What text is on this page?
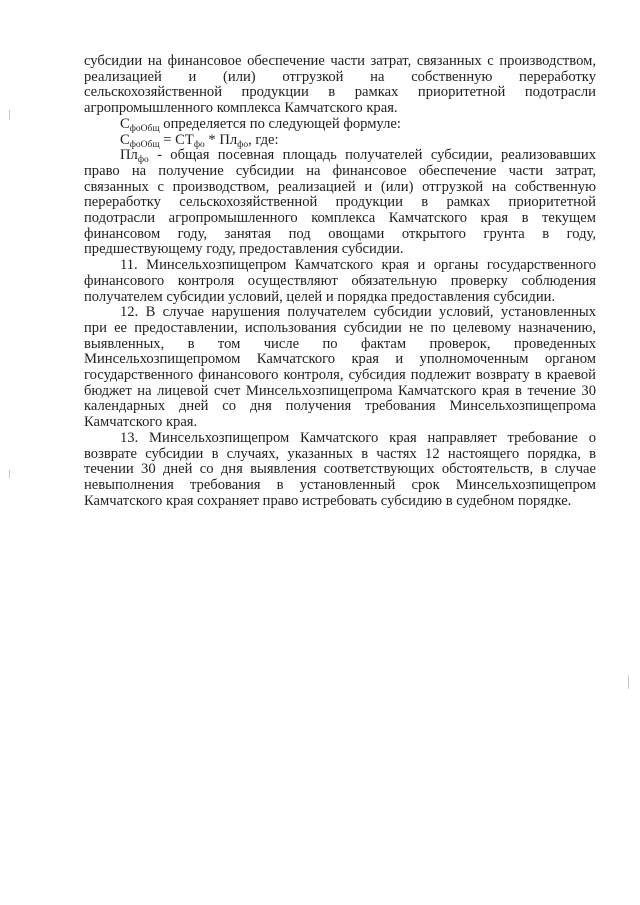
субсидии на финансовое обеспечение части затрат, связанных с производством, реализацией и (или) отгрузкой на собственную переработку сельскохозяйственной продукции в рамках приоритетной подотрасли агропромышленного комплекса Камчатского края.

$С_{фоОбщ}$ определяется по следующей формуле:

$С_{фоОбщ} = СТ_{фо} * Пл_{фо}$, где:

$Пл_{фо}$ - общая посевная площадь получателей субсидии, реализовавших право на получение субсидии на финансовое обеспечение части затрат, связанных с производством, реализацией и (или) отгрузкой на собственную переработку сельскохозяйственной продукции в рамках приоритетной подотрасли агропромышленного комплекса Камчатского края в текущем финансовом году, занятая под овощами открытого грунта в году, предшествующему году, предоставления субсидии.

11. Минсельхозпищепром Камчатского края и органы государственного финансового контроля осуществляют обязательную проверку соблюдения получателем субсидии условий, целей и порядка предоставления субсидии.

12. В случае нарушения получателем субсидии условий, установленных при ее предоставлении, использования субсидии не по целевому назначению, выявленных, в том числе по фактам проверок, проведенных Минсельхозпищепромом Камчатского края и уполномоченным органом государственного финансового контроля, субсидия подлежит возврату в краевой бюджет на лицевой счет Минсельхозпищепрома Камчатского края в течение 30 календарных дней со дня получения требования Минсельхозпищепрома Камчатского края.

13. Минсельхозпищепром Камчатского края направляет требование о возврате субсидии в случаях, указанных в частях 12 настоящего порядка, в течении 30 дней со дня выявления соответствующих обстоятельств, в случае невыполнения требования в установленный срок Минсельхозпищепром Камчатского края сохраняет право истребовать субсидию в судебном порядке.
